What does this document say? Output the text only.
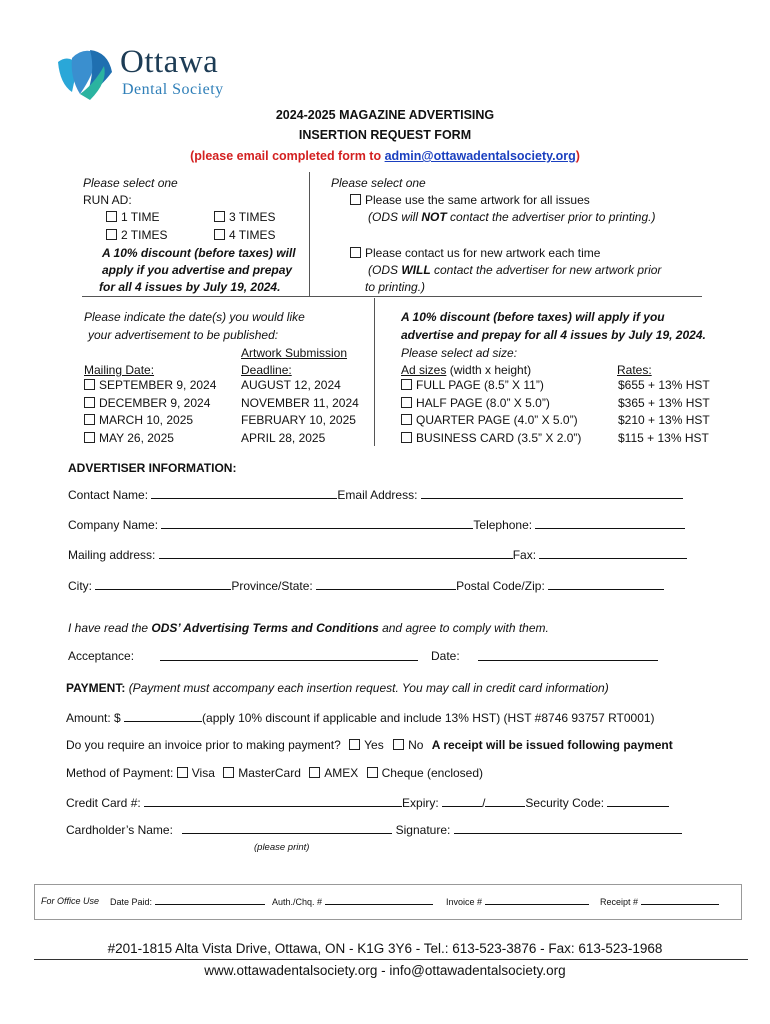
Ottawa
Dental Society
2024-2025 MAGAZINE ADVERTISING
INSERTION REQUEST FORM
(please email completed form to admin@ottawadentalsociety.org)
Please select one
RUN AD:
1 TIME	3 TIMES
2 TIMES	4 TIMES
A 10% discount (before taxes) will
apply if you advertise and prepay
for all 4 issues by July 19, 2024.
Please select one
Please use the same artwork for all issues
(ODS will NOT contact the advertiser prior to printing.)
Please contact us for new artwork each time
(ODS WILL contact the advertiser for new artwork prior
to printing.)
Please indicate the date(s) you would like
your advertisement to be published:
Artwork Submission
Mailing Date:	Deadline:
SEPTEMBER 9, 2024 AUGUST 12, 2024
DECEMBER 9, 2024	NOVEMBER 11, 2024
MARCH 10, 2025	FEBRUARY 10, 2025
MAY 26, 2025	APRIL 28, 2025
A 10% discount (before taxes) will apply if you
advertise and prepay for all 4 issues by July 19, 2024.
Please select ad size:
Ad sizes (width x height)	Rates:
FULL PAGE (8.5” X 11”)	$655 + 13% HST
HALF PAGE (8.0” X 5.0”)	$365 + 13% HST
QUARTER PAGE (4.0” X 5.0”)	$210 + 13% HST
BUSINESS CARD (3.5” X 2.0”)	$115 + 13% HST
ADVERTISER INFORMATION:
Contact Name:	Email Address:
Company Name:	Telephone:
Mailing address:	Fax:
City:	Province/State:	Postal Code/Zip:
I have read the ODS’ Advertising Terms and Conditions and agree to comply with them.
Acceptance:	Date:
PAYMENT: (Payment must accompany each insertion request. You may call in credit card information)
Amount: $	(apply 10% discount if applicable and include 13% HST) (HST #8746 93757 RT0001)
Do you require an invoice prior to making payment? Yes No A receipt will be issued following payment
Method of Payment: Visa MasterCard AMEX Cheque (enclosed)
Credit Card #:	Expiry:	/	Security Code:
Cardholder’s Name:	Signature:
(please print)
For Office Use Date Paid:	Auth./Chq. #	Invoice #	Receipt #
#201-1815 Alta Vista Drive, Ottawa, ON - K1G 3Y6 - Tel.: 613-523-3876 - Fax: 613-523-1968
www.ottawadentalsociety.org - info@ottawadentalsociety.org
